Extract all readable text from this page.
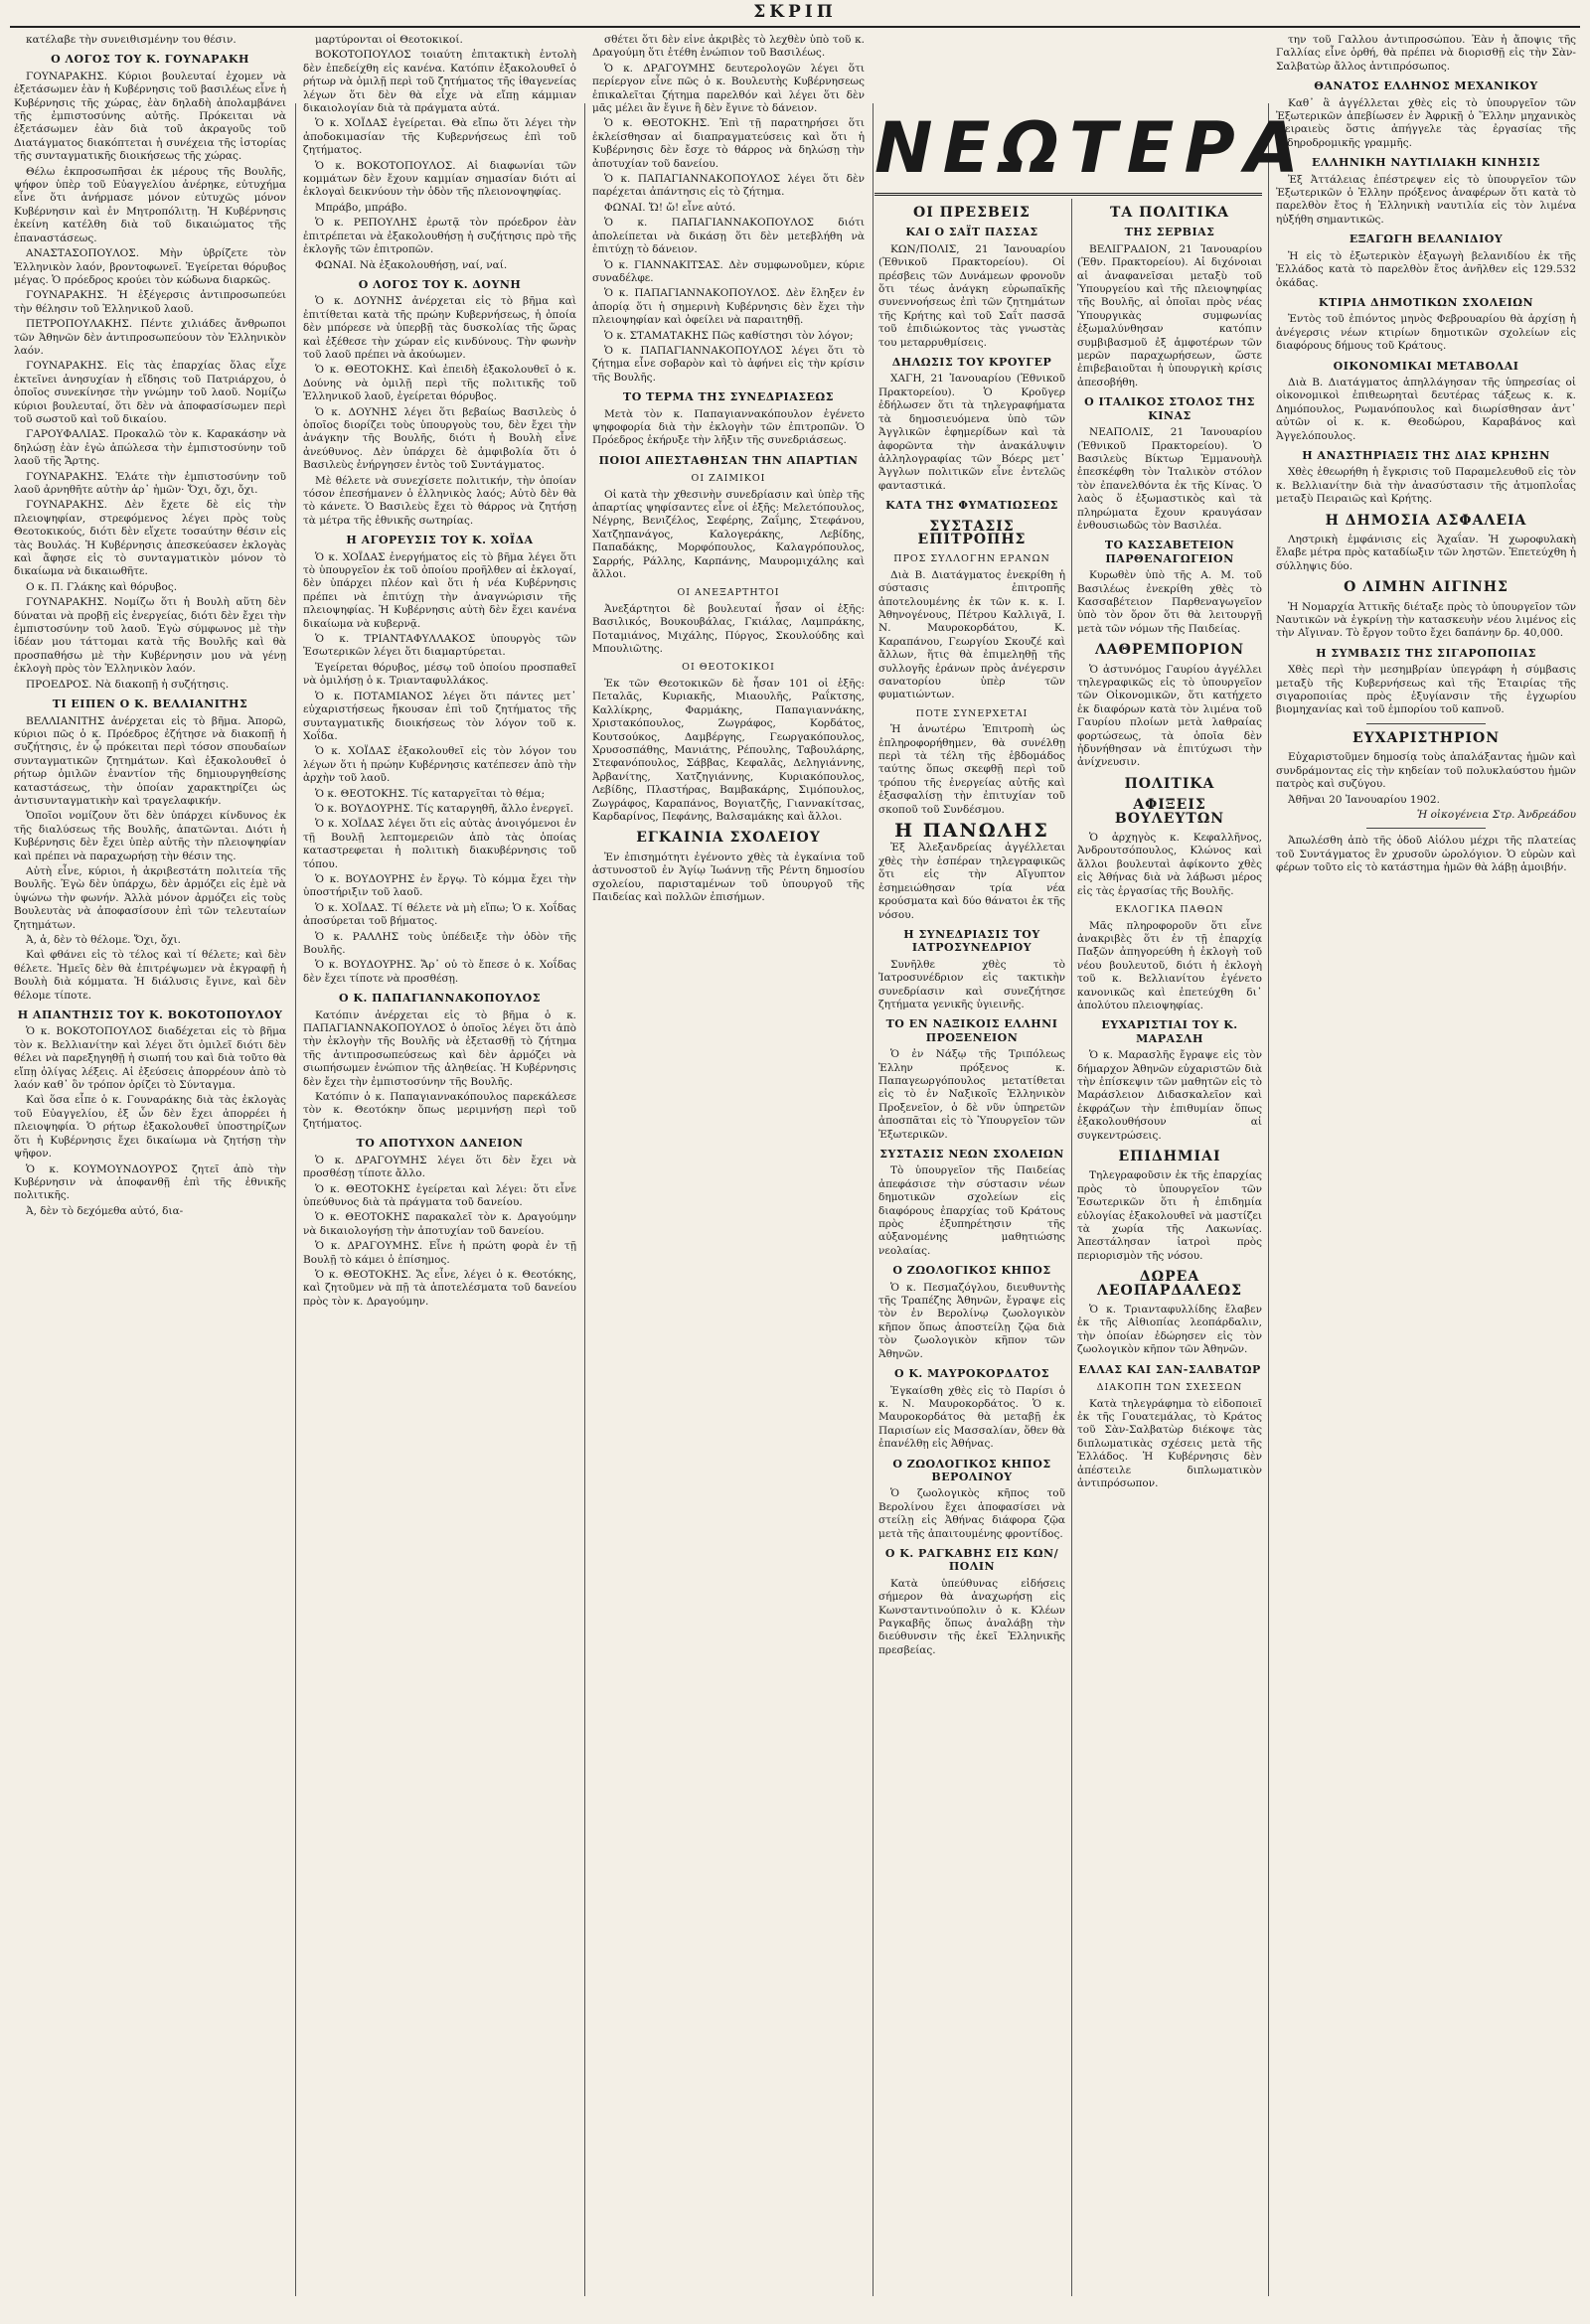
ΣΚΡΙΠ

κατέλαβε τὴν συνειθισμένην του θέσιν.

Ο ΛΟΓΟΣ ΤΟΥ Κ. ΓΟΥΝΑΡΑΚΗ

ΓΟΥΝΑΡΑΚΗΣ. Κύριοι βουλευταί ἐχομεν νὰ ἐξετάσωμεν ἐὰν ἡ Κυβέρνησις τοῦ βασιλέως εἶνε ἡ Κυβέρνησις τῆς χώρας, ἐὰν δηλαδὴ ἀπολαμβάνει τῆς ἐμπιστοσύνης αὐτῆς. Πρόκειται νὰ ἐξετάσωμεν ἐὰν διὰ τοῦ ἀκραγοῦς τοῦ Διατάγματος διακόπτεται ἡ συνέχεια τῆς ἱστορίας τῆς συνταγματικῆς διοικήσεως τῆς χώρας.

Θέλω ἐκπροσωπῆσαι ἐκ μέρους τῆς Βουλῆς, ψήφον ὑπὲρ τοῦ Εὐαγγελίου ἀνέρηκε, εὐτυχήμα εἶνε ὅτι ἀνήρμασε μόνον εὐτυχῶς μόνον Κυβέρνησιν καὶ ἐν Μητροπόλιτῃ. Ἡ Κυβέρνησις ἐκείνη κατέλθη διὰ τοῦ δικαιώματος τῆς ἐπαναστάσεως.

ΑΝΑΣΤΑΣΟΠΟΥΛΟΣ. Μὴν ὑβρίζετε τὸν Ἑλληνικὸν λαόν, βροντοφωνεῖ. Ἐγείρεται θόρυβος μέγας. Ὁ πρόεδρος κρούει τὸν κώδωνα διαρκῶς.

ΓΟΥΝΑΡΑΚΗΣ. Ἡ ἐξέγερσις ἀντιπροσωπεύει τὴν θέλησιν τοῦ Ἑλληνικοῦ λαοῦ.

ΠΕΤΡΟΠΟΥΛΑΚΗΣ. Πέντε χιλιάδες ἄνθρωποι τῶν Ἀθηνῶν δὲν ἀντιπροσωπεύουν τὸν Ἑλληνικὸν λαόν.

ΓΟΥΝΑΡΑΚΗΣ. Εἰς τὰς ἐπαρχίας ὅλας εἶχε ἐκτεῖνει ἀνησυχίαν ἡ εἴδησις τοῦ Πατριάρχου, ὁ ὁποῖος συνεκίνησε τὴν γνώμην τοῦ λαοῦ. Νομίζω κύριοι βουλευταί, ὅτι δὲν νὰ ἀποφασίσωμεν περὶ τοῦ σωστοῦ καὶ τοῦ δικαίου.

ΓΑΡΟΥΦΑΛΙΑΣ. Προκαλῶ τὸν κ. Καρακάσην νὰ δηλώσῃ ἐὰν ἐγὼ ἀπώλεσα τὴν ἐμπιστοσύνην τοῦ λαοῦ τῆς Ἄρτης.

ΓΟΥΝΑΡΑΚΗΣ. Ἐλάτε τὴν ἐμπιστοσύνην τοῦ λαοῦ ἀρνηθῆτε αὐτὴν ἀρ᾽ ἡμῶν· Ὄχι, ὄχι, ὄχι.

ΓΟΥΝΑΡΑΚΗΣ. Δὲν ἔχετε δὲ εἰς τὴν πλειοψηφίαν, στρεφόμενος λέγει πρὸς τοὺς Θεοτοκικούς, διότι δὲν εἴχετε τοσαύτην θέσιν εἰς τὰς Βουλάς. Ἡ Κυβέρνησις ἀπεσκεύασεν ἐκλογὰς καὶ ἄφησε εἰς τὸ συνταγματικὸν μόνον τὸ δικαίωμα νὰ δικαιωθῆτε.

Ο κ. Π. Γλάκης καὶ θόρυβος.

ΓΟΥΝΑΡΑΚΗΣ. Νομίζω ὅτι ἡ Βουλὴ αὕτη δὲν δύναται νὰ προβῇ εἰς ἐνεργείας, διότι δὲν ἔχει τὴν ἐμπιστοσύνην τοῦ λαοῦ. Ἐγὼ σύμφωνος μὲ τὴν ἰδέαν μου τάττομαι κατὰ τῆς Βουλῆς καὶ θὰ προσπαθήσω μὲ τὴν Κυβέρνησιν μου νὰ γένῃ ἐκλογὴ πρὸς τὸν Ἑλληνικὸν λαόν.

ΠΡΟΕΔΡΟΣ. Νὰ διακοπῇ ἡ συζήτησις.

ΤΙ ΕΙΠΕΝ Ο Κ. ΒΕΛΛΙΑΝΙΤΗΣ

ΒΕΛΛΙΑΝΙΤΗΣ ἀνέρχεται εἰς τὸ βῆμα. Ἀπορῶ, κύριοι πῶς ὁ κ. Πρόεδρος ἐζήτησε νὰ διακοπῇ ἡ συζήτησις, ἐν ᾧ πρόκειται περὶ τόσον σπουδαίων συνταγματικῶν ζητημάτων. Καὶ ἐξακολουθεῖ ὁ ρήτωρ ὁμιλῶν ἐναντίον τῆς δημιουργηθείσης καταστάσεως, τὴν ὁποίαν χαρακτηρίζει ὡς ἀντισυνταγματικὴν καὶ τραγελαφικήν.

Ὁποῖοι νομίζουν ὅτι δὲν ὑπάρχει κίνδυνος ἐκ τῆς διαλύσεως τῆς Βουλῆς, ἀπατῶνται. Διότι ἡ Κυβέρνησις δὲν ἔχει ὑπὲρ αὐτῆς τὴν πλειοψηφίαν καὶ πρέπει νὰ παραχωρήσῃ τὴν θέσιν της.

Αὐτὴ εἶνε, κύριοι, ἡ ἀκριβεστάτη πολιτεία τῆς Βουλῆς. Ἐγὼ δὲν ὑπάρχω, δὲν ἀρμόζει εἰς ἐμὲ νὰ ὑψώνω τὴν φωνήν. Ἀλλὰ μόνον ἀρμόζει εἰς τοὺς Βουλευτὰς νὰ ἀποφασίσουν ἐπὶ τῶν τελευταίων ζητημάτων.

Ἀ, ἀ, δὲν τὸ θέλομε. Ὄχι, ὄχι.

Καὶ φθάνει εἰς τὸ τέλος καὶ τί θέλετε; καὶ δὲν θέλετε. Ἡμεῖς δὲν θὰ ἐπιτρέψωμεν νὰ ἐκγραφῇ ἡ Βουλὴ διὰ κόμματα. Ἡ διάλυσις ἔγινε, καὶ δὲν θέλομε τίποτε.

Η ΑΠΑΝΤΗΣΙΣ ΤΟΥ Κ. ΒΟΚΟΤΟΠΟΥΛΟΥ

Ὁ κ. ΒΟΚΟΤΟΠΟΥΛΟΣ διαδέχεται εἰς τὸ βῆμα τὸν κ. Βελλιανίτην καὶ λέγει ὅτι ὁμιλεῖ διότι δὲν θέλει νὰ παρεξηγηθῇ ἡ σιωπή του καὶ διὰ τοῦτο θὰ εἴπῃ ὀλίγας λέξεις. Αἱ ἐξεύσεις ἀπορρέουν ἀπὸ τὸ λαόν καθ᾽ ὃν τρόπον ὁρίζει τὸ Σύνταγμα.

Καὶ ὅσα εἶπε ὁ κ. Γουναράκης διὰ τὰς ἐκλογὰς τοῦ Εὐαγγελίου, ἐξ ὧν δὲν ἔχει ἀπορρέει ἡ πλειοψηφία. Ὁ ρήτωρ ἐξακολουθεῖ ὑποστηρίζων ὅτι ἡ Κυβέρνησις ἔχει δικαίωμα νὰ ζητήσῃ τὴν ψῆφον.

Ὁ κ. ΚΟΥΜΟΥΝΔΟΥΡΟΣ ζητεῖ ἀπὸ τὴν Κυβέρνησιν νὰ ἀποφανθῇ ἐπὶ τῆς ἐθνικῆς πολιτικῆς.

Ἀ, δὲν τὸ δεχόμεθα αὐτό, δια-

μαρτύρονται οἱ Θεοτοκικοί.

ΒΟΚΟΤΟΠΟΥΛΟΣ τοιαύτη ἐπιτακτικὴ ἐντολὴ δὲν ἐπεδείχθη εἰς κανένα. Κατόπιν ἐξακολουθεῖ ὁ ρήτωρ νὰ ὁμιλῇ περὶ τοῦ ζητήματος τῆς ἰθαγενείας λέγων ὅτι δὲν θὰ εἶχε νὰ εἴπῃ κάμμιαν δικαιολογίαν διὰ τὰ πράγματα αὐτά.

Ὁ κ. ΧΟΪΔΑΣ ἐγείρεται. Θὰ εἴπω ὅτι λέγει τὴν ἀποδοκιμασίαν τῆς Κυβερνήσεως ἐπὶ τοῦ ζητήματος.

Ὁ κ. ΒΟΚΟΤΟΠΟΥΛΟΣ. Αἱ διαφωνίαι τῶν κομμάτων δὲν ἔχουν καμμίαν σημασίαν διότι αἱ ἐκλογαὶ δεικνύουν τὴν ὁδὸν τῆς πλειονοψηφίας.

Μπράβο, μπράβο.

Ὁ κ. ΡΕΠΟΥΛΗΣ ἐρωτᾷ τὸν πρόεδρον ἐὰν ἐπιτρέπεται νὰ ἐξακολουθήσῃ ἡ συζήτησις πρὸ τῆς ἐκλογῆς τῶν ἐπιτροπῶν.

ΦΩΝΑΙ. Νὰ ἐξακολουθήσῃ, ναί, ναί.

Ο ΛΟΓΟΣ ΤΟΥ Κ. ΔΟΥΝΗ

Ὁ κ. ΔΟΥΝΗΣ ἀνέρχεται εἰς τὸ βῆμα καὶ ἐπιτίθεται κατὰ τῆς πρώην Κυβερνήσεως, ἡ ὁποία δὲν μπόρεσε νὰ ὑπερβῇ τὰς δυσκολίας τῆς ὥρας καὶ ἐξέθεσε τὴν χώραν εἰς κινδύνους. Τὴν φωνὴν τοῦ λαοῦ πρέπει νὰ ἀκούωμεν.

Ὁ κ. ΘΕΟΤΟΚΗΣ. Καὶ ἐπειδὴ ἐξακολουθεῖ ὁ κ. Δούνης νὰ ὁμιλῇ περὶ τῆς πολιτικῆς τοῦ Ἑλληνικοῦ λαοῦ, ἐγείρεται θόρυβος.

Ὁ κ. ΔΟΥΝΗΣ λέγει ὅτι βεβαίως Βασιλεὺς ὁ ὁποῖος διορίζει τοὺς ὑπουργοὺς του, δὲν ἔχει τὴν ἀνάγκην τῆς Βουλῆς, διότι ἡ Βουλὴ εἶνε ἀνεύθυνος. Δὲν ὑπάρχει δὲ ἀμφιβολία ὅτι ὁ Βασιλεὺς ἐνήργησεν ἐντὸς τοῦ Συντάγματος.

Μὲ θέλετε νὰ συνεχίσετε πολιτικήν, τὴν ὁποίαν τόσον ἐπεσήμανεν ὁ ἐλληνικὸς λαός; Αὐτὸ δὲν θὰ τὸ κάνετε. Ὁ Βασιλεὺς ἔχει τὸ θάρρος νὰ ζητήσῃ τὰ μέτρα τῆς ἐθνικῆς σωτηρίας.

Η ΑΓΟΡΕΥΣΙΣ ΤΟΥ Κ. ΧΟΪΔΑ

Ὁ κ. ΧΟΪΔΑΣ ἐνεργήματος εἰς τὸ βῆμα λέγει ὅτι τὸ ὑπουργεῖον ἐκ τοῦ ὁποίου προῆλθεν αἱ ἐκλογαί, δὲν ὑπάρχει πλέον καὶ ὅτι ἡ νέα Κυβέρνησις πρέπει νὰ ἐπιτύχῃ τὴν ἀναγνώρισιν τῆς πλειοψηφίας. Ἡ Κυβέρνησις αὐτὴ δὲν ἔχει κανένα δικαίωμα νὰ κυβερνᾷ.

Ὁ κ. ΤΡΙΑΝΤΑΦΥΛΛΑΚΟΣ ὑπουργὸς τῶν Ἐσωτερικῶν λέγει ὅτι διαμαρτύρεται.

Ἐγείρεται θόρυβος, μέσῳ τοῦ ὁποίου προσπαθεῖ νὰ ὁμιλήσῃ ὁ κ. Τριανταφυλλάκος.

Ὁ κ. ΠΟΤΑΜΙΑΝΟΣ λέγει ὅτι πάντες μετ᾽ εὐχαριστήσεως ἤκουσαν ἐπὶ τοῦ ζητήματος τῆς συνταγματικῆς διοικήσεως τὸν λόγον τοῦ κ. Χοΐδα.

Ὁ κ. ΧΟΪΔΑΣ ἐξακολουθεῖ εἰς τὸν λόγον του λέγων ὅτι ἡ πρώην Κυβέρνησις κατέπεσεν ἀπὸ τὴν ἀρχὴν τοῦ λαοῦ.

Ὁ κ. ΘΕΟΤΟΚΗΣ. Τίς καταργεῖται τὸ θέμα;

Ὁ κ. ΒΟΥΔΟΥΡΗΣ. Τίς καταργηθῆ, ἄλλο ἐνεργεῖ.

Ὁ κ. ΧΟΪΔΑΣ λέγει ὅτι εἰς αὐτὰς ἀνοιγόμενοι ἐν τῇ Βουλῇ λεπτομερειῶν ἀπὸ τὰς ὁποίας καταστρεφεται ἡ πολιτικὴ διακυβέρνησις τοῦ τόπου.

Ὁ κ. ΒΟΥΔΟΥΡΗΣ ἐν ἔργῳ. Τὸ κόμμα ἔχει τὴν ὑποστήριξιν τοῦ λαοῦ.

Ὁ κ. ΧΟΪΔΑΣ. Τί θέλετε νὰ μὴ εἴπω; Ὁ κ. Χοΐδας ἀποσύρεται τοῦ βήματος.

Ὁ κ. ΡΑΛΛΗΣ τοὺς ὑπέδειξε τὴν ὁδὸν τῆς Βουλῆς.

Ὁ κ. ΒΟΥΔΟΥΡΗΣ. Ἄρ᾽ οὐ τὸ ἔπεσε ὁ κ. Χοΐδας δὲν ἔχει τίποτε νὰ προσθέσῃ.

Ο Κ. ΠΑΠΑΓΙΑΝΝΑΚΟΠΟΥΛΟΣ

Κατόπιν ἀνέρχεται εἰς τὸ βῆμα ὁ κ. ΠΑΠΑΓΙΑΝΝΑΚΟΠΟΥΛΟΣ ὁ ὁποῖος λέγει ὅτι ἀπὸ τὴν ἐκλογὴν τῆς Βουλῆς νὰ ἐξετασθῇ τὸ ζήτημα τῆς ἀντιπροσωπεύσεως καὶ δὲν ἀρμόζει νὰ σιωπήσωμεν ἐνώπιον τῆς ἀληθείας. Ἡ Κυβέρνησις δὲν ἔχει τὴν ἐμπιστοσύνην τῆς Βουλῆς.

Κατόπιν ὁ κ. Παπαγιαννακόπουλος παρεκάλεσε τὸν κ. Θεοτόκην ὅπως μεριμνήσῃ περὶ τοῦ ζητήματος.

ΤΟ ΑΠΟΤΥΧΟΝ ΔΑΝΕΙΟΝ

Ὁ κ. ΔΡΑΓΟΥΜΗΣ λέγει ὅτι δὲν ἔχει νὰ προσθέσῃ τίποτε ἄλλο.

Ὁ κ. ΘΕΟΤΟΚΗΣ ἐγείρεται καὶ λέγει: ὅτι εἶνε ὑπεύθυνος διὰ τὰ πράγματα τοῦ δανείου.

Ὁ κ. ΘΕΟΤΟΚΗΣ παρακαλεῖ τὸν κ. Δραγούμην νὰ δικαιολογήσῃ τὴν ἀποτυχίαν τοῦ δανείου.

Ὁ κ. ΔΡΑΓΟΥΜΗΣ. Εἶνε ἡ πρώτη φορὰ ἐν τῇ Βουλῇ τὸ κάμει ὁ ἐπίσημος.

Ὁ κ. ΘΕΟΤΟΚΗΣ. Ἄς εἶνε, λέγει ὁ κ. Θεοτόκης, καὶ ζητοῦμεν νὰ πῇ τὰ ἀποτελέσματα τοῦ δανείου πρὸς τὸν κ. Δραγούμην.

σθέτει ὅτι δὲν εἶνε ἀκριβὲς τὸ λεχθὲν ὑπὸ τοῦ κ. Δραγούμη ὅτι ἐτέθη ἐνώπιον τοῦ Βασιλέως.

Ὁ κ. ΔΡΑΓΟΥΜΗΣ δευτερολογῶν λέγει ὅτι περίεργον εἶνε πῶς ὁ κ. Βουλευτὴς Κυβέρνησεως ἐπικαλεῖται ζήτημα παρελθόν καὶ λέγει ὅτι δὲν μᾶς μέλει ἂν ἔγινε ἢ δὲν ἔγινε τὸ δάνειον.

Ὁ κ. ΘΕΟΤΟΚΗΣ. Ἐπὶ τῇ παρατηρήσει ὅτι ἐκλείσθησαν αἱ διαπραγματεύσεις καὶ ὅτι ἡ Κυβέρνησις δὲν ἔσχε τὸ θάρρος νὰ δηλώσῃ τὴν ἀποτυχίαν τοῦ δανείου.

Ὁ κ. ΠΑΠΑΓΙΑΝΝΑΚΟΠΟΥΛΟΣ λέγει ὅτι δὲν παρέχεται ἀπάντησις εἰς τὸ ζήτημα.

ΦΩΝΑΙ. Ὤ! ὤ! εἶνε αὐτό.

Ὁ κ. ΠΑΠΑΓΙΑΝΝΑΚΟΠΟΥΛΟΣ διότι ἀπολείπεται νὰ δικάσῃ ὅτι δὲν μετεβλήθη νὰ ἐπιτύχῃ τὸ δάνειον.

Ὁ κ. ΓΙΑΝΝΑΚΙΤΣΑΣ. Δὲν συμφωνοῦμεν, κύριε συναδέλφε.

Ὁ κ. ΠΑΠΑΓΙΑΝΝΑΚΟΠΟΥΛΟΣ. Δὲν ἔληξεν ἐν ἀπορίᾳ ὅτι ἡ σημερινὴ Κυβέρνησις δὲν ἔχει τὴν πλειοψηφίαν καὶ ὀφείλει νὰ παραιτηθῇ.

Ὁ κ. ΣΤΑΜΑΤΑΚΗΣ Πῶς καθίστησι τὸν λόγον;

Ὁ κ. ΠΑΠΑΓΙΑΝΝΑΚΟΠΟΥΛΟΣ λέγει ὅτι τὸ ζήτημα εἶνε σοβαρὸν καὶ τὸ ἀφήνει εἰς τὴν κρίσιν τῆς Βουλῆς.

ΤΟ ΤΕΡΜΑ ΤΗΣ ΣΥΝΕΔΡΙΑΣΕΩΣ

Μετὰ τὸν κ. Παπαγιαννακόπουλον ἐγένετο ψηφοφορία διὰ τὴν ἐκλογὴν τῶν ἐπιτροπῶν. Ὁ Πρόεδρος ἐκήρυξε τὴν λῆξιν τῆς συνεδριάσεως.

ΠΟΙΟΙ ΑΠΕΣΤΑΘΗΣΑΝ ΤΗΝ ΑΠΑΡΤΙΑΝ
ΟΙ ΖΑΙΜΙΚΟΙ

Οἱ κατὰ τὴν χθεσινὴν συνεδρίασιν καὶ ὑπὲρ τῆς ἀπαρτίας ψηφίσαντες εἶνε οἱ ἑξῆς: Μελετόπουλος, Νέγρης, Βενιζέλος, Σεφέρης, Ζαΐμης, Στεφάνου, Χατζηπανάγος, Καλογεράκης, Λεβίδης, Παπαδάκης, Μορφόπουλος, Καλαγρόπουλος, Σαρρής, Ράλλης, Καρπάνης, Μαυρομιχάλης καὶ ἄλλοι.

ΟΙ ΑΝΕΞΑΡΤΗΤΟΙ

Ἀνεξάρτητοι δὲ βουλευταί ἦσαν οἱ ἑξῆς: Βασιλικός, Βουκουβάλας, Γκιάλας, Λαμπράκης, Ποταμιάνος, Μιχάλης, Πύργος, Σκουλούδης καὶ Μπουλιῶτης.

ΟΙ ΘΕΟΤΟΚΙΚΟΙ

Ἐκ τῶν Θεοτοκικῶν δὲ ἦσαν 101 οἱ ἑξῆς: Πεταλᾶς, Κυριακῆς, Μιαουλῆς, Ραΐκτσης, Καλλίκρης, Φαρμάκης, Παπαγιαννάκης, Χριστακόπουλος, Ζωγράφος, Κορδάτος, Κουτσούκος, Δαμβέργης, Γεωργακόπουλος, Χρυσοσπάθης, Μανιάτης, Ρέπουλης, Ταβουλάρης, Στεφανόπουλος, Σάββας, Κεφαλᾶς, Δεληγιάννης, Ἀρβανίτης, Χατζηγιάννης, Κυριακόπουλος, Λεβίδης, Πλαστήρας, Βαμβακάρης, Σιμόπουλος, Ζωγράφος, Καραπάνος, Βογιατζῆς, Γιαννακίτσας, Καρδαρίνος, Πεφάνης, Βαλσαμάκης καὶ ἄλλοι.

ΕΓΚΑΙΝΙΑ ΣΧΟΛΕΙΟΥ

Ἐν ἐπισημότητι ἐγένοντο χθὲς τὰ ἐγκαίνια τοῦ ἀστυνοστοῦ ἐν Ἁγίῳ Ἰωάννῃ τῆς Ρέντη δημοσίου σχολείου, παρισταμένων τοῦ ὑπουργοῦ τῆς Παιδείας καὶ πολλῶν ἐπισήμων.

ΝΕΩΤΕΡΑ
ΟΙ ΠΡΕΣΒΕΙΣ
ΚΑΙ Ο ΣΑΪΤ ΠΑΣΣΑΣ

ΚΩΝ/ΠΟΛΙΣ, 21 Ἰανουαρίου (Ἐθνικοῦ Πρακτορείου). Οἱ πρέσβεις τῶν Δυνάμεων φρονοῦν ὅτι τέως ἀνάγκη εὐρωπαϊκῆς συνεννοήσεως ἐπὶ τῶν ζητημάτων τῆς Κρήτης καὶ τοῦ Σαΐτ πασσᾶ τοῦ ἐπιδιώκοντος τὰς γνωστὰς του μεταρρυθμίσεις.

ΔΗΛΩΣΙΣ ΤΟΥ ΚΡΟΥΓΕΡ

ΧΑΓΗ, 21 Ἰανουαρίου (Ἐθνικοῦ Πρακτορείου). Ὁ Κροῦγερ ἐδήλωσεν ὅτι τὰ τηλεγραφήματα τὰ δημοσιευόμενα ὑπὸ τῶν Ἀγγλικῶν ἐφημερίδων καὶ τὰ ἀφορῶντα τὴν ἀνακάλυψιν ἀλληλογραφίας τῶν Βόερς μετ᾽ Ἀγγλων πολιτικῶν εἶνε ἐντελῶς φανταστικά.

ΚΑΤΑ ΤΗΣ ΦΥΜΑΤΙΩΣΕΩΣ
ΣΥΣΤΑΣΙΣ ΕΠΙΤΡΟΠΗΣ
ΠΡΟΣ ΣΥΛΛΟΓΗΝ ΕΡΑΝΩΝ

Διὰ Β. Διατάγματος ἐνεκρίθη ἡ σύστασις ἐπιτροπῆς ἀποτελουμένης ἐκ τῶν κ. κ. Ι. Ἀθηνογένους, Πέτρου Καλλιγᾶ, Ι. Ν. Μαυροκορδάτου, Κ. Καραπάνου, Γεωργίου Σκουζέ καὶ ἄλλων, ἥτις θὰ ἐπιμεληθῇ τῆς συλλογῆς ἐράνων πρὸς ἀνέγερσιν σανατορίου ὑπὲρ τῶν φυματιώντων.

ΠΟΤΕ ΣΥΝΕΡΧΕΤΑΙ

Ἡ ἀνωτέρω Ἐπιτροπὴ ὡς ἐπληροφορήθημεν, θὰ συνέλθῃ περὶ τὰ τέλη τῆς ἑβδομάδος ταύτης ὅπως σκεφθῇ περὶ τοῦ τρόπου τῆς ἐνεργείας αὐτῆς καὶ ἐξασφαλίσῃ τὴν ἐπιτυχίαν τοῦ σκοποῦ τοῦ Συνδέσμου.

Η ΠΑΝΩΛΗΣ

Ἐξ Ἀλεξανδρείας ἀγγέλλεται χθὲς τὴν ἑσπέραν τηλεγραφικῶς ὅτι εἰς τὴν Αἴγυπτον ἐσημειώθησαν τρία νέα κρούσματα καὶ δύο θάνατοι ἐκ τῆς νόσου.

Η ΣΥΝΕΔΡΙΑΣΙΣ ΤΟΥ ΙΑΤΡΟΣΥΝΕΔΡΙΟΥ

Συνῆλθε χθὲς τὸ Ἰατροσυνέδριον εἰς τακτικὴν συνεδρίασιν καὶ συνεζήτησε ζητήματα γενικῆς ὑγιεινῆς.

ΤΟ ΕΝ ΝΑΞΙΚΟΙΣ ΕΛΛΗΝΙ ΠΡΟΞΕΝΕΙΟΝ

Ὁ ἐν Νάξῳ τῆς Τριπόλεως Ἑλλην πρόξενος κ. Παπαγεωργόπουλος μετατίθεται εἰς τὸ ἐν Ναξικοῖς Ἑλληνικὸν Προξενεῖον, ὁ δὲ νῦν ὑπηρετῶν ἀποσπᾶται εἰς τὸ Ὑπουργεῖον τῶν Ἐξωτερικῶν.

ΣΥΣΤΑΣΙΣ ΝΕΩΝ ΣΧΟΛΕΙΩΝ

Τὸ ὑπουργεῖον τῆς Παιδείας ἀπεφάσισε τὴν σύστασιν νέων δημοτικῶν σχολείων εἰς διαφόρους ἐπαρχίας τοῦ Κράτους πρὸς ἐξυπηρέτησιν τῆς αὐξανομένης μαθητιώσης νεολαίας.

Ο ΖΩΟΛΟΓΙΚΟΣ ΚΗΠΟΣ

Ὁ κ. Πεσμαζόγλου, διευθυντὴς τῆς Τραπέζης Ἀθηνῶν, ἔγραψε εἰς τὸν ἐν Βερολίνῳ ζωολογικὸν κῆπον ὅπως ἀποστείλῃ ζῷα διὰ τὸν ζωολογικὸν κῆπον τῶν Ἀθηνῶν.

Ο Κ. ΜΑΥΡΟΚΟΡΔΑΤΟΣ

Ἐγκαίσθη χθὲς εἰς τὸ Παρίσι ὁ κ. Ν. Μαυροκορδάτος. Ὁ κ. Μαυροκορδάτος θὰ μεταβῇ ἐκ Παρισίων εἰς Μασσαλίαν, ὅθεν θὰ ἐπανέλθῃ εἰς Ἀθήνας.

Ο ΖΩΟΛΟΓΙΚΟΣ ΚΗΠΟΣ ΒΕΡΟΛΙΝΟΥ

Ὁ ζωολογικὸς κῆπος τοῦ Βερολίνου ἔχει ἀποφασίσει νὰ στείλῃ εἰς Ἀθήνας διάφορα ζῷα μετὰ τῆς ἀπαιτουμένης φροντίδος.

Ο Κ. ΡΑΓΚΑΒΗΣ ΕΙΣ ΚΩΝ/ΠΟΛΙΝ

Κατὰ ὑπεύθυνας εἰδήσεις σήμερον θὰ ἀναχωρήσῃ εἰς Κωνσταντινούπολιν ὁ κ. Κλέων Ραγκαβῆς ὅπως ἀναλάβῃ τὴν διεύθυνσιν τῆς ἐκεῖ Ἑλληνικῆς πρεσβείας.

ΤΑ ΠΟΛΙΤΙΚΑ
ΤΗΣ ΣΕΡΒΙΑΣ

ΒΕΛΙΓΡΑΔΙΟΝ, 21 Ἰανουαρίου (Ἐθν. Πρακτορείου). Αἱ διχόνοιαι αἱ ἀναφανεῖσαι μεταξὺ τοῦ Ὑπουργείου καὶ τῆς πλειοψηφίας τῆς Βουλῆς, αἱ ὁποῖαι πρὸς νέας Ὑπουργικὰς συμφωνίας ἐξωμαλύνθησαν κατόπιν συμβιβασμοῦ ἐξ ἀμφοτέρων τῶν μερῶν παραχωρήσεων, ὥστε ἐπιβεβαιοῦται ἡ ὑπουργικὴ κρίσις ἀπεσοβήθη.

Ο ΙΤΑΛΙΚΟΣ ΣΤΟΛΟΣ ΤΗΣ ΚΙΝΑΣ

ΝΕΑΠΟΛΙΣ, 21 Ἰανουαρίου (Ἐθνικοῦ Πρακτορείου). Ὁ Βασιλεὺς Βίκτωρ Ἐμμανουὴλ ἐπεσκέφθη τὸν Ἰταλικὸν στόλον τὸν ἐπανελθόντα ἐκ τῆς Κίνας. Ὁ λαὸς ὅ ἐξωμαστικὸς καὶ τὰ πληρώματα ἔχουν κραυγάσαν ἐνθουσιωδῶς τὸν Βασιλέα.

ΤΟ ΚΑΣΣΑΒΕΤΕΙΟΝ ΠΑΡΘΕΝΑΓΩΓΕΙΟΝ

Κυρωθὲν ὑπὸ τῆς Α. Μ. τοῦ Βασιλέως ἐνεκρίθη χθὲς τὸ Κασσαβέτειον Παρθεναγωγεῖον ὑπὸ τὸν ὅρον ὅτι θὰ λειτουργῇ μετὰ τῶν νόμων τῆς Παιδείας.

ΛΑΘΡΕΜΠΟΡΙΟΝ

Ὁ ἀστυνόμος Γαυρίου ἀγγέλλει τηλεγραφικῶς εἰς τὸ ὑπουργεῖον τῶν Οἰκονομικῶν, ὅτι κατήχετο ἐκ διαφόρων κατὰ τὸν λιμένα τοῦ Γαυρίου πλοίων μετὰ λαθραίας φορτώσεως, τὰ ὁποῖα δὲν ἠδυνήθησαν νὰ ἐπιτύχωσι τὴν ἀνίχνευσιν.

ΠΟΛΙΤΙΚΑ
ΑΦΙΞΕΙΣ ΒΟΥΛΕΥΤΩΝ

Ὁ ἀρχηγὸς κ. Κεφαλλῆνος, Ἀνδρουτσόπουλος, Κλώνος καὶ ἄλλοι βουλευταὶ ἀφίκοντο χθὲς εἰς Ἀθήνας διὰ νὰ λάβωσι μέρος εἰς τὰς ἐργασίας τῆς Βουλῆς.

ΕΚΛΟΓΙΚΑ ΠΑΘΩΝ

Μᾶς πληροφοροῦν ὅτι εἶνε ἀνακριβὲς ὅτι ἐν τῇ ἐπαρχίᾳ Παξῶν ἀπηγορεύθη ἡ ἐκλογὴ τοῦ νέου βουλευτοῦ, διότι ἡ ἐκλογὴ τοῦ κ. Βελλιανίτου ἐγένετο κανονικῶς καὶ ἐπετεύχθη δι᾽ ἀπολύτου πλειοψηφίας.

ΕΥΧΑΡΙΣΤΙΑΙ ΤΟΥ Κ. ΜΑΡΑΣΛΗ

Ὁ κ. Μαρασλῆς ἔγραψε εἰς τὸν δήμαρχον Ἀθηνῶν εὐχαριστῶν διὰ τὴν ἐπίσκεψιν τῶν μαθητῶν εἰς τὸ Μαράσλειον Διδασκαλεῖον καὶ ἐκφράζων τὴν ἐπιθυμίαν ὅπως ἐξακολουθήσουν αἱ συγκεντρώσεις.

ΕΠΙΔΗΜΙΑΙ

Τηλεγραφοῦσιν ἐκ τῆς ἐπαρχίας πρὸς τὸ ὑπουργεῖον τῶν Ἐσωτερικῶν ὅτι ἡ ἐπιδημία εὐλογίας ἐξακολουθεῖ νὰ μαστίζει τὰ χωρία τῆς Λακωνίας. Ἀπεστάλησαν ἰατροὶ πρὸς περιορισμὸν τῆς νόσου.

ΔΩΡΕΑ ΛΕΟΠΑΡΔΑΛΕΩΣ

Ὁ κ. Τριανταφυλλίδης ἔλαβεν ἐκ τῆς Αἰθιοπίας λεοπάρδαλιν, τὴν ὁποίαν ἐδώρησεν εἰς τὸν ζωολογικὸν κῆπον τῶν Ἀθηνῶν.

ΕΛΛΑΣ ΚΑΙ ΣΑΝ-ΣΑΛΒΑΤΩΡ
ΔΙΑΚΟΠΗ ΤΩΝ ΣΧΕΣΕΩΝ

Κατὰ τηλεγράφημα τὸ εἰδοποιεῖ ἐκ τῆς Γουατεμάλας, τὸ Κράτος τοῦ Σὰν-Σαλβατὼρ διέκοψε τὰς διπλωματικὰς σχέσεις μετὰ τῆς Ἑλλάδος. Ἡ Κυβέρνησις δὲν ἀπέστειλε διπλωματικὸν ἀντιπρόσωπον.

την τοῦ Γαλλου ἀντιπροσώπου. Ἐὰν ἡ ἄποψις τῆς Γαλλίας εἶνε ὁρθή, θὰ πρέπει νὰ διορισθῇ εἰς τὴν Σὰν-Σαλβατὼρ ἄλλος ἀντιπρόσωπος.

ΘΑΝΑΤΟΣ ΕΛΛΗΝΟΣ ΜΕΧΑΝΙΚΟΥ

Καθ᾽ ἃ ἀγγέλλεται χθὲς εἰς τὸ ὑπουργεῖον τῶν Ἐξωτερικῶν ἀπεβίωσεν ἐν Ἀφρικῇ ὁ Ἕλλην μηχανικὸς Πειραιεὺς ὅστις ἀπήγγελε τὰς ἐργασίας τῆς σιδηροδρομικῆς γραμμῆς.

ΕΛΛΗΝΙΚΗ ΝΑΥΤΙΛΙΑΚΗ ΚΙΝΗΣΙΣ

Ἐξ Ἀττάλειας ἐπέστρεψεν εἰς τὸ ὑπουργεῖον τῶν Ἐξωτερικῶν ὁ Ἑλλην πρόξενος ἀναφέρων ὅτι κατὰ τὸ παρελθὸν ἔτος ἡ Ἑλληνικὴ ναυτιλία εἰς τὸν λιμένα ηὐξήθη σημαντικῶς.

ΕΞΑΓΩΓΗ ΒΕΛΑΝΙΔΙΟΥ

Ἡ εἰς τὸ ἐξωτερικὸν ἐξαγωγὴ βελανιδίου ἐκ τῆς Ἑλλάδος κατὰ τὸ παρελθὸν ἔτος ἀνῆλθεν εἰς 129.532 ὀκάδας.

ΚΤΙΡΙΑ ΔΗΜΟΤΙΚΩΝ ΣΧΟΛΕΙΩΝ

Ἐντὸς τοῦ ἐπιόντος μηνὸς Φεβρουαρίου θὰ ἀρχίσῃ ἡ ἀνέγερσις νέων κτιρίων δημοτικῶν σχολείων εἰς διαφόρους δήμους τοῦ Κράτους.

ΟΙΚΟΝΟΜΙΚΑΙ ΜΕΤΑΒΟΛΑΙ

Διὰ Β. Διατάγματος ἀπηλλάγησαν τῆς ὑπηρεσίας οἱ οἰκονομικοὶ ἐπιθεωρηταὶ δευτέρας τάξεως κ. κ. Δημόπουλος, Ρωμανόπουλος καὶ διωρίσθησαν ἀντ᾽ αὐτῶν οἱ κ. κ. Θεοδώρου, Καραβάνος καὶ Ἀγγελόπουλος.

Η ΑΝΑΣΤΗΡΙΑΞΙΣ ΤΗΣ ΔΙΑΣ ΚΡΗΣΗΝ

Χθὲς ἐθεωρήθη ἡ ἔγκρισις τοῦ Παραμελευθοῦ εἰς τὸν κ. Βελλιανίτην διὰ τὴν ἀνασύστασιν τῆς ἀτμοπλοΐας μεταξὺ Πειραιῶς καὶ Κρήτης.

Η ΔΗΜΟΣΙΑ ΑΣΦΑΛΕΙΑ

Ληστρικὴ ἐμφάνισις εἰς Ἀχαΐαν. Ἡ χωροφυλακὴ ἔλαβε μέτρα πρὸς καταδίωξιν τῶν ληστῶν. Ἐπετεύχθη ἡ σύλληψις δύο.

Ο ΛΙΜΗΝ ΑΙΓΙΝΗΣ

Ἡ Νομαρχία Ἀττικῆς διέταξε πρὸς τὸ ὑπουργεῖον τῶν Ναυτικῶν νὰ ἐγκρίνῃ τὴν κατασκευὴν νέου λιμένος εἰς τὴν Αἴγιναν. Τὸ ἔργον τοῦτο ἔχει δαπάνην δρ. 40,000.

Η ΣΥΜΒΑΣΙΣ ΤΗΣ ΣΙΓΑΡΟΠΟΙΙΑΣ

Χθὲς περὶ τὴν μεσημβρίαν ὑπεγράφη ἡ σύμβασις μεταξὺ τῆς Κυβερνήσεως καὶ τῆς Ἐταιρίας τῆς σιγαροποιίας πρὸς ἐξυγίανσιν τῆς ἐγχωρίου βιομηχανίας καὶ τοῦ ἐμπορίου τοῦ καπνοῦ.

ΕΥΧΑΡΙΣΤΗΡΙΟΝ

Εὐχαριστοῦμεν δημοσίᾳ τοὺς ἀπαλάξαντας ἡμῶν καὶ συνδράμοντας εἰς τὴν κηδείαν τοῦ πολυκλαύστου ἡμῶν πατρὸς καὶ συζύγου.

Ἀθῆναι 20 Ἰανουαρίου 1902.

Ἡ οἰκογένεια Στρ. Ἀνδρεάδου

Ἀπωλέσθη ἀπὸ τῆς ὁδοῦ Αἰόλου μέχρι τῆς πλατείας τοῦ Συντάγματος ἓν χρυσοῦν ὡρολόγιον. Ὁ εὑρὼν καὶ φέρων τοῦτο εἰς τὸ κατάστημα ἡμῶν θὰ λάβῃ ἀμοιβήν.
